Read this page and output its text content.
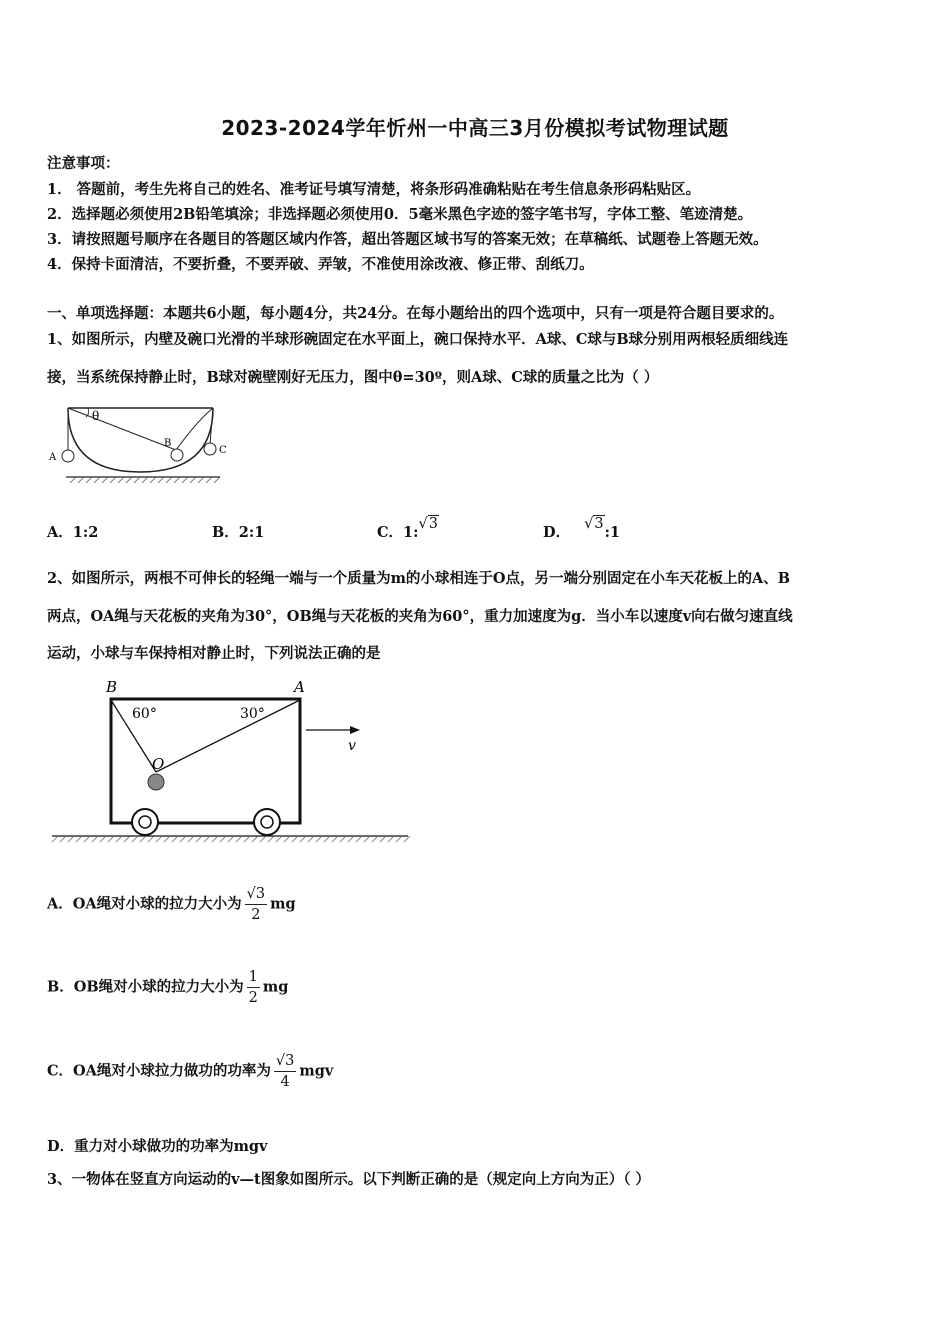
2023-2024学年忻州一中高三3月份模拟考试物理试题
注意事项：
1． 答题前，考生先将自己的姓名、准考证号填写清楚，将条形码准确粘贴在考生信息条形码粘贴区。
2．选择题必须使用2B铅笔填涂；非选择题必须使用0．5毫米黑色字迹的签字笔书写，字体工整、笔迹清楚。
3．请按照题号顺序在各题目的答题区域内作答，超出答题区域书写的答案无效；在草稿纸、试题卷上答题无效。
4．保持卡面清洁，不要折叠，不要弄破、弄皱，不准使用涂改液、修正带、刮纸刀。
一、单项选择题：本题共6小题，每小题4分，共24分。在每小题给出的四个选项中，只有一项是符合题目要求的。
1、如图所示，内壁及碗口光滑的半球形碗固定在水平面上，碗口保持水平．A球、C球与B球分别用两根轻质细线连
接，当系统保持静止时，B球对碗壁刚好无压力，图中θ=30º，则A球、C球的质量之比为（ ）
θ
A
B
C
A．1:2	B．2:1	C．1:√3	D． √3:1
2、如图所示，两根不可伸长的轻绳一端与一个质量为m的小球相连于O点，另一端分别固定在小车天花板上的A、B
两点，OA绳与天花板的夹角为30°，OB绳与天花板的夹角为60°，重力加速度为g．当小车以速度v向右做匀速直线
运动，小球与车保持相对静止时，下列说法正确的是
B	A
60°	30°
O
v
A．OA绳对小球的拉力大小为 $\frac{√3}{2}$ mg
B．OB绳对小球的拉力大小为 $\frac{1}{2}$ mg
C．OA绳对小球拉力做功的功率为 $\frac{√3}{4}$ mgv
D．重力对小球做功的功率为mgv
3、一物体在竖直方向运动的v—t图象如图所示。以下判断正确的是（规定向上方向为正）（ ）
